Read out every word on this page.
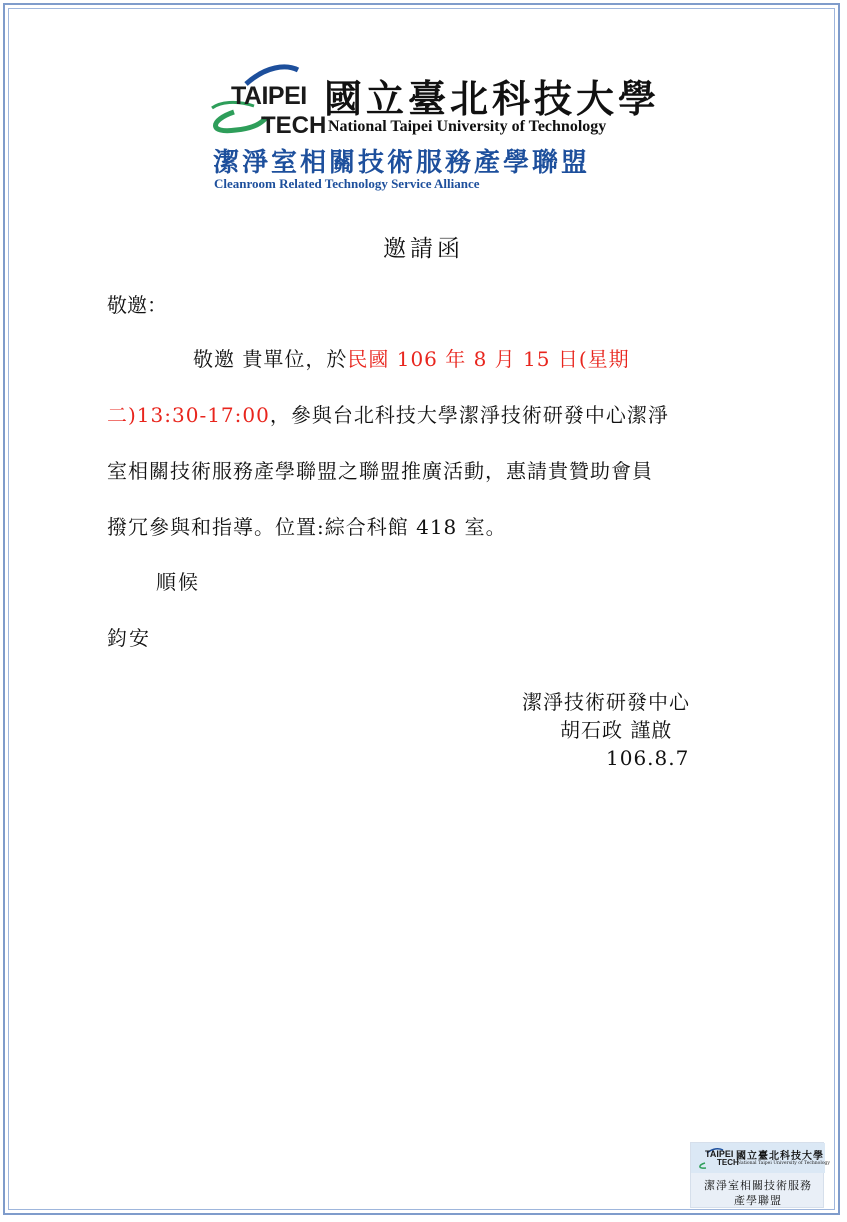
TAIPEI
TECH
國立臺北科技大學
National Taipei University of Technology
潔淨室相關技術服務產學聯盟
Cleanroom Related Technology Service Alliance
邀請函
敬邀：
敬邀 貴單位，於民國 106 年 8 月 15 日(星期
二)13:30-17:00，參與台北科技大學潔淨技術研發中心潔淨
室相關技術服務產學聯盟之聯盟推廣活動，惠請貴贊助會員
撥冗參與和指導。位置:綜合科館 418 室。
順候
鈞安
潔淨技術研發中心
胡石政 謹啟
106.8.7
TAIPEI
TECH
國立臺北科技大學
National Taipei University of Technology
潔淨室相關技術服務
產學聯盟
